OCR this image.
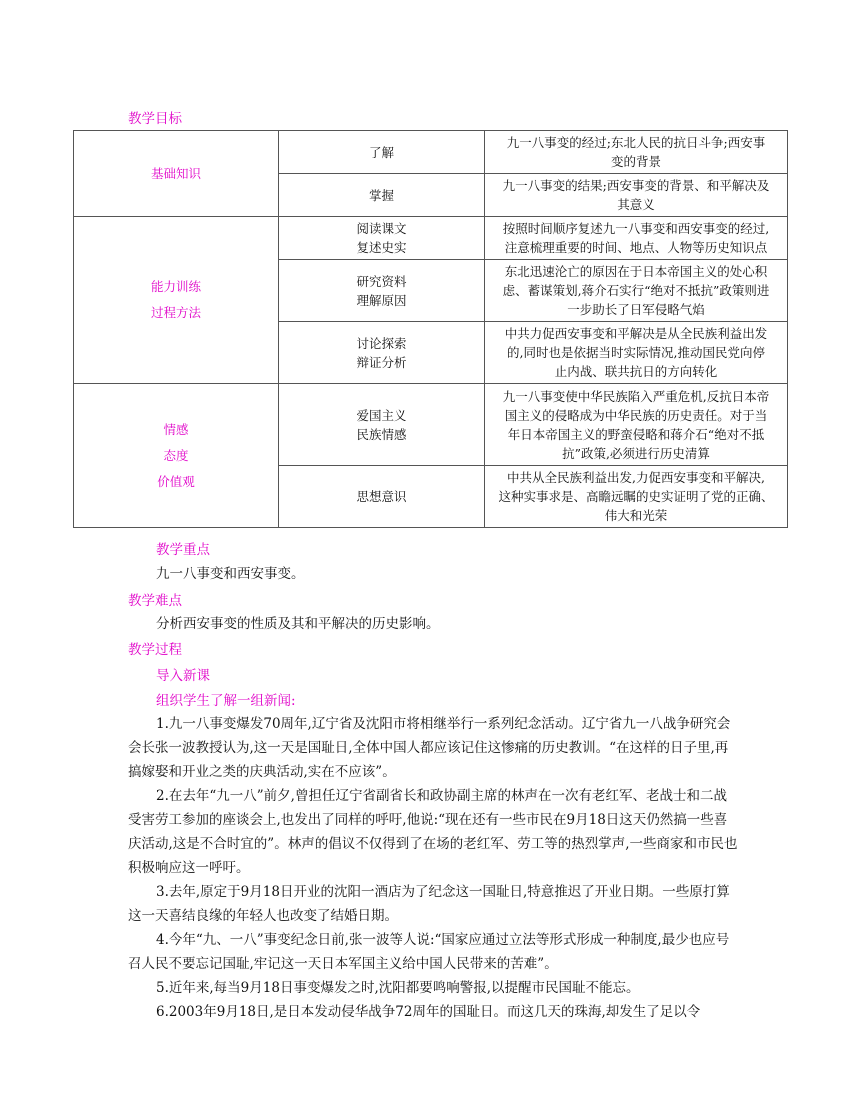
教学目标
基础知识	了解	九一八事变的经过;东北人民的抗日斗争;西安事
变的背景

	掌握	九一八事变的结果;西安事变的背景、和平解决及
其意义

能力训练
过程方法	阅读课文
复述史实	按照时间顺序复述九一八事变和西安事变的经过,
注意梳理重要的时间、地点、人物等历史知识点

	研究资料
理解原因	东北迅速沦亡的原因在于日本帝国主义的处心积
虑、蓄谋策划,蒋介石实行“绝对不抵抗”政策则进
一步助长了日军侵略气焰

	讨论探索
辩证分析	中共力促西安事变和平解决是从全民族利益出发
的,同时也是依据当时实际情况,推动国民党向停
止内战、联共抗日的方向转化

情感
态度
价值观	爱国主义
民族情感	九一八事变使中华民族陷入严重危机,反抗日本帝
国主义的侵略成为中华民族的历史责任。对于当
年日本帝国主义的野蛮侵略和蒋介石“绝对不抵
抗”政策,必须进行历史清算

	思想意识	中共从全民族利益出发,力促西安事变和平解决,
这种实事求是、高瞻远瞩的史实证明了党的正确、
伟大和光荣
教学重点
九一八事变和西安事变。
教学难点
分析西安事变的性质及其和平解决的历史影响。
教学过程
导入新课
组织学生了解一组新闻:

1.九一八事变爆发70周年,辽宁省及沈阳市将相继举行一系列纪念活动。辽宁省九一八战争研究会会长张一波教授认为,这一天是国耻日,全体中国人都应该记住这惨痛的历史教训。“在这样的日子里,再搞嫁娶和开业之类的庆典活动,实在不应该”。

2.在去年“九一八”前夕,曾担任辽宁省副省长和政协副主席的林声在一次有老红军、老战士和二战受害劳工参加的座谈会上,也发出了同样的呼吁,他说:“现在还有一些市民在9月18日这天仍然搞一些喜庆活动,这是不合时宜的”。林声的倡议不仅得到了在场的老红军、劳工等的热烈掌声,一些商家和市民也积极响应这一呼吁。

3.去年,原定于9月18日开业的沈阳一酒店为了纪念这一国耻日,特意推迟了开业日期。一些原打算这一天喜结良缘的年轻人也改变了结婚日期。

4.今年“九、一八”事变纪念日前,张一波等人说:“国家应通过立法等形式形成一种制度,最少也应号召人民不要忘记国耻,牢记这一天日本军国主义给中国人民带来的苦难”。

5.近年来,每当9月18日事变爆发之时,沈阳都要鸣响警报,以提醒市民国耻不能忘。

6.2003年9月18日,是日本发动侵华战争72周年的国耻日。而这几天的珠海,却发生了足以令
